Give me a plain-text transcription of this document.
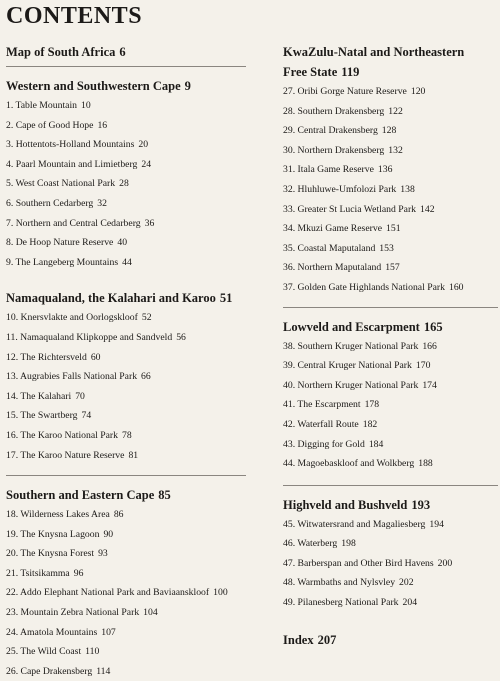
CONTENTS
Map of South Africa 6
Western and Southwestern Cape 9
1. Table Mountain 10
2. Cape of Good Hope 16
3. Hottentots-Holland Mountains 20
4. Paarl Mountain and Limietberg 24
5. West Coast National Park 28
6. Southern Cedarberg 32
7. Northern and Central Cedarberg 36
8. De Hoop Nature Reserve 40
9. The Langeberg Mountains 44
Namaqualand, the Kalahari and Karoo 51
10. Knersvlakte and Oorlogskloof 52
11. Namaqualand Klipkoppe and Sandveld 56
12. The Richtersveld 60
13. Augrabies Falls National Park 66
14. The Kalahari 70
15. The Swartberg 74
16. The Karoo National Park 78
17. The Karoo Nature Reserve 81
Southern and Eastern Cape 85
18. Wilderness Lakes Area 86
19. The Knysna Lagoon 90
20. The Knysna Forest 93
21. Tsitsikamma 96
22. Addo Elephant National Park and Baviaanskloof 100
23. Mountain Zebra National Park 104
24. Amatola Mountains 107
25. The Wild Coast 110
26. Cape Drakensberg 114
KwaZulu-Natal and Northeastern
Free State 119
27. Oribi Gorge Nature Reserve 120
28. Southern Drakensberg 122
29. Central Drakensberg 128
30. Northern Drakensberg 132
31. Itala Game Reserve 136
32. Hluhluwe-Umfolozi Park 138
33. Greater St Lucia Wetland Park 142
34. Mkuzi Game Reserve 151
35. Coastal Maputaland 153
36. Northern Maputaland 157
37. Golden Gate Highlands National Park 160
Lowveld and Escarpment 165
38. Southern Kruger National Park 166
39. Central Kruger National Park 170
40. Northern Kruger National Park 174
41. The Escarpment 178
42. Waterfall Route 182
43. Digging for Gold 184
44. Magoebaskloof and Wolkberg 188
Highveld and Bushveld 193
45. Witwatersrand and Magaliesberg 194
46. Waterberg 198
47. Barberspan and Other Bird Havens 200
48. Warmbaths and Nylsvley 202
49. Pilanesberg National Park 204
Index 207
